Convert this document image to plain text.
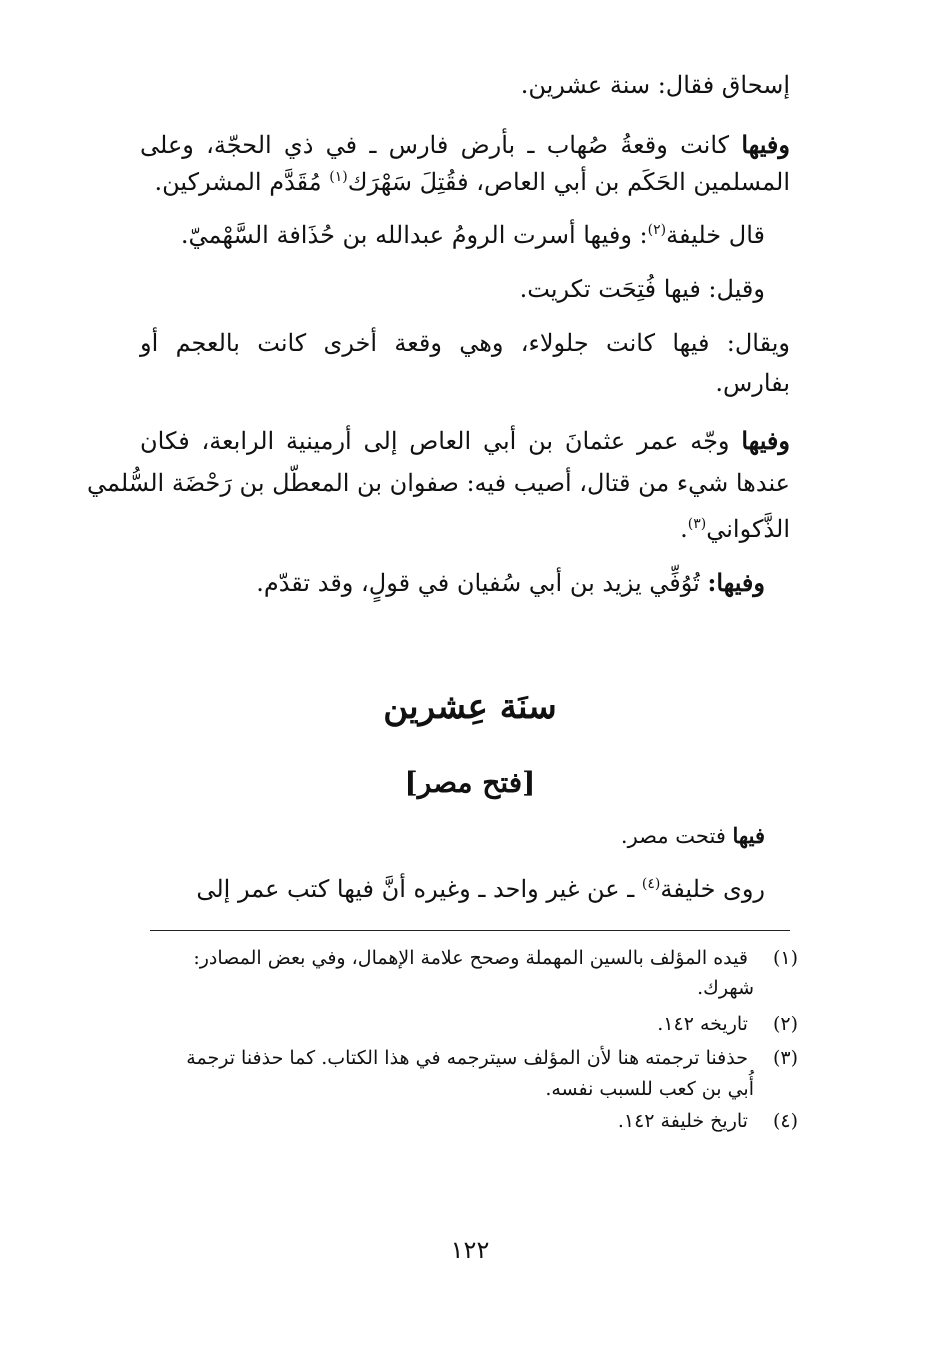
إسحاق فقال: سنة عشرين.
وفيها كانت وقعةُ صُهاب ـ بأرض فارس ـ في ذي الحجّة، وعلى
المسلمين الحَكَم بن أبي العاص، فقُتِلَ سَهْرَك$^{(١)}$ مُقَدَّم المشركين.
قال خليفة$^{(٢)}$: وفيها أسرت الرومُ عبدالله بن حُذَافة السَّهْميّ.
وقيل: فيها فُتِحَت تكريت.
ويقال: فيها كانت جلولاء، وهي وقعة أخرى كانت بالعجم أو
بفارس.
وفيها وجّه عمر عثمانَ بن أبي العاص إلى أرمينية الرابعة، فكان
عندها شيء من قتال، أصيب فيه: صفوان بن المعطّل بن رَحْضَة السُّلمي
الذَّكواني$^{(٣)}$.
وفيها: تُوُفِّي يزيد بن أبي سُفيان في قولٍ، وقد تقدّم.
سنَة عِشرين
[فتح مصر]
فيها فتحت مصر.
روى خليفة$^{(٤)}$ ـ عن غير واحد ـ وغيره أنَّ فيها كتب عمر إلى
(١) قيده المؤلف بالسين المهملة وصحح علامة الإهمال، وفي بعض المصادر:
شهرك.
(٢) تاريخه ١٤٢.
(٣) حذفنا ترجمته هنا لأن المؤلف سيترجمه في هذا الكتاب. كما حذفنا ترجمة
أُبي بن كعب للسبب نفسه.
(٤) تاريخ خليفة ١٤٢.
١٢٢
